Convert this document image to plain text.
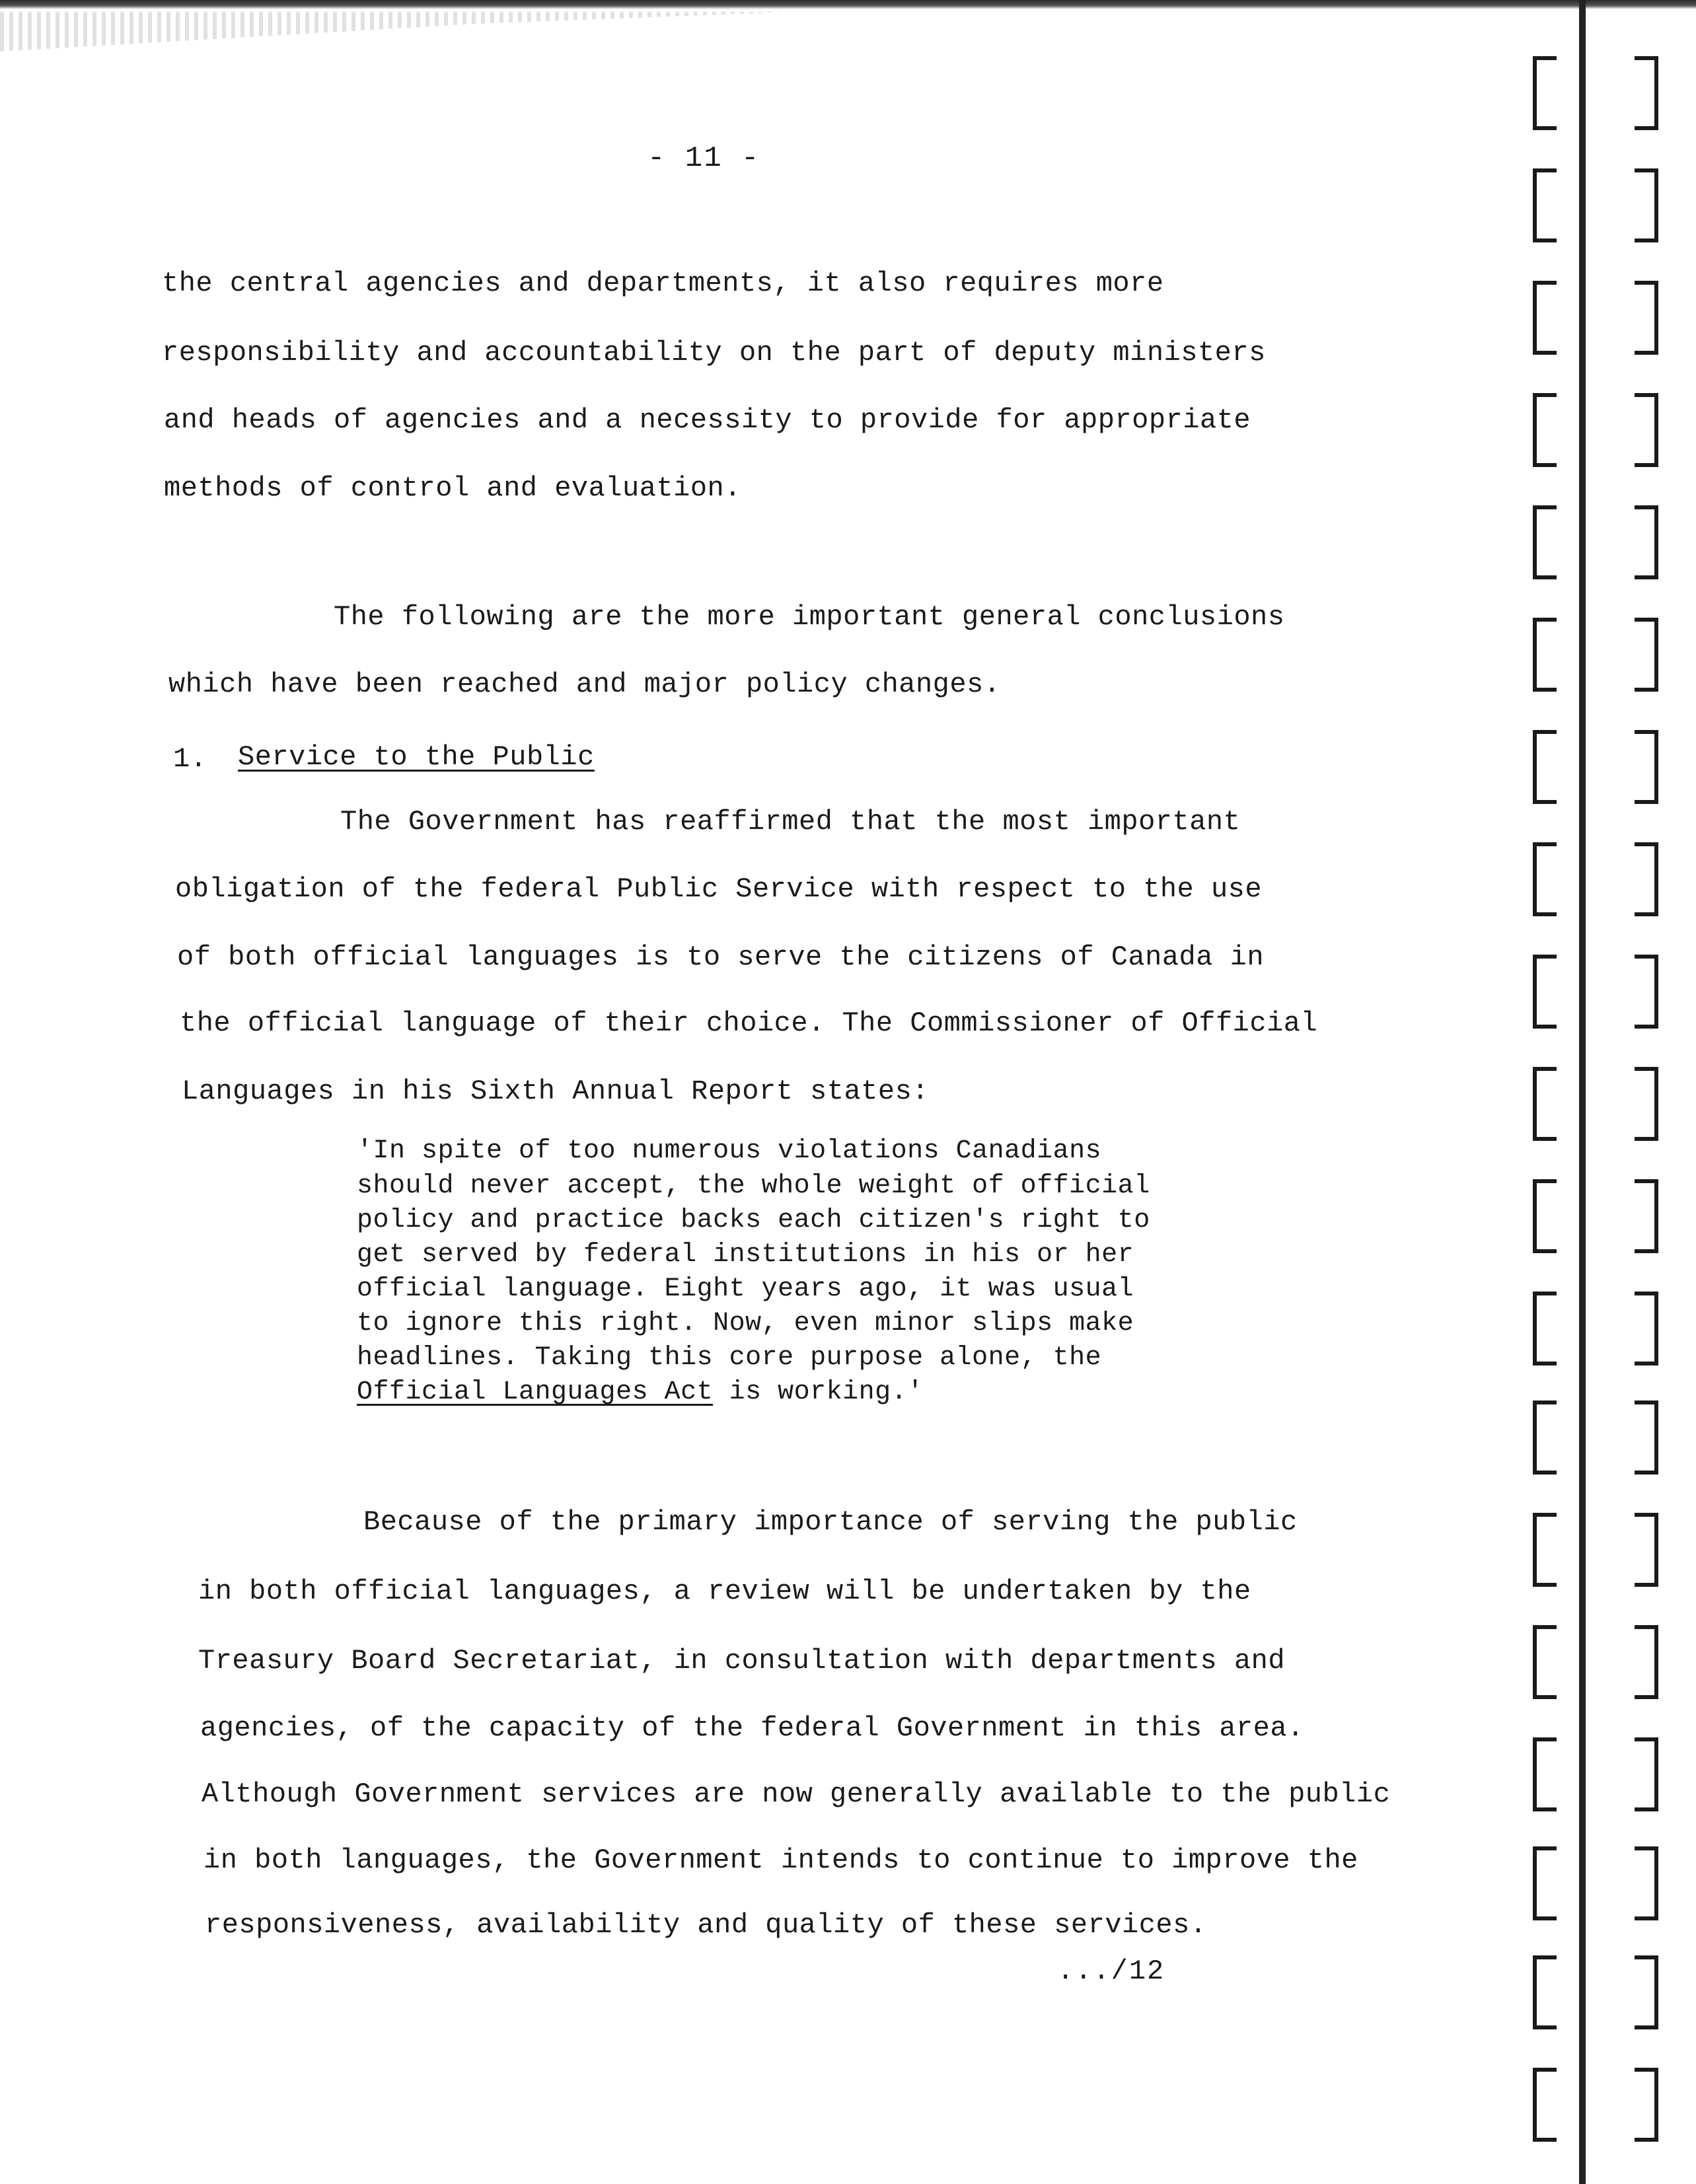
- 11 -
the central agencies and departments, it also requires more
responsibility and accountability on the part of deputy ministers
and heads of agencies and a necessity to provide for appropriate
methods of control and evaluation.
The following are the more important general conclusions
which have been reached and major policy changes.
1. Service to the Public
The Government has reaffirmed that the most important
obligation of the federal Public Service with respect to the use
of both official languages is to serve the citizens of Canada in
the official language of their choice. The Commissioner of Official
Languages in his Sixth Annual Report states:
'In spite of too numerous violations Canadians
should never accept, the whole weight of official
policy and practice backs each citizen's right to
get served by federal institutions in his or her
official language. Eight years ago, it was usual
to ignore this right. Now, even minor slips make
headlines. Taking this core purpose alone, the
Official Languages Act is working.'
Because of the primary importance of serving the public
in both official languages, a review will be undertaken by the
Treasury Board Secretariat, in consultation with departments and
agencies, of the capacity of the federal Government in this area.
Although Government services are now generally available to the public
in both languages, the Government intends to continue to improve the
responsiveness, availability and quality of these services.
.../12
